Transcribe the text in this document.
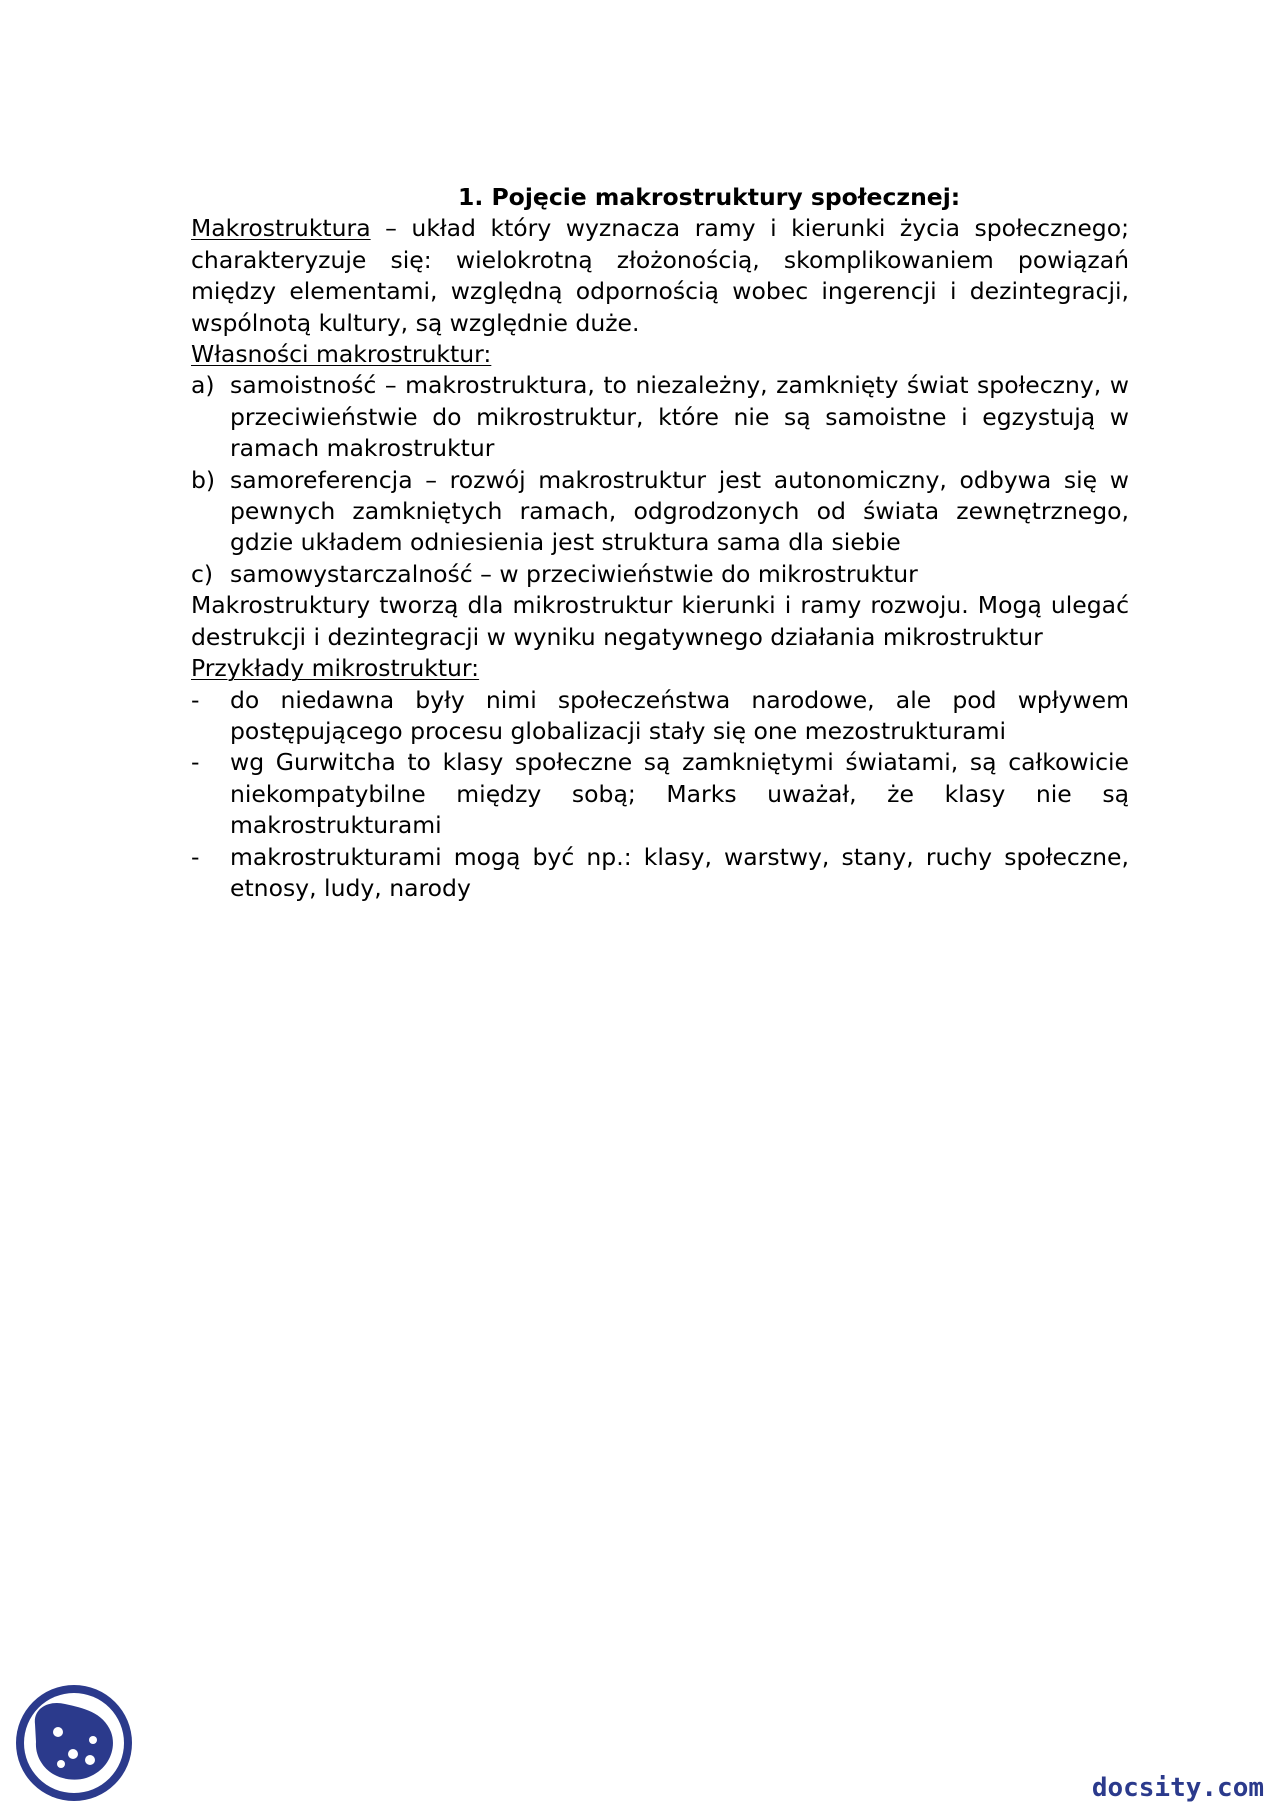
1. Pojęcie makrostruktury społecznej:
Makrostruktura – układ który wyznacza ramy i kierunki życia społecznego; charakteryzuje się: wielokrotną złożonością, skomplikowaniem powiązań między elementami, względną odpornością wobec ingerencji i dezintegracji, wspólnotą kultury, są względnie duże.
Własności makrostruktur:
a) samoistność – makrostruktura, to niezależny, zamknięty świat społeczny, w przeciwieństwie do mikrostruktur, które nie są samoistne i egzystują w ramach makrostruktur
b) samoreferencja – rozwój makrostruktur jest autonomiczny, odbywa się w pewnych zamkniętych ramach, odgrodzonych od świata zewnętrznego, gdzie układem odniesienia jest struktura sama dla siebie
c) samowystarczalność – w przeciwieństwie do mikrostruktur
Makrostruktury tworzą dla mikrostruktur kierunki i ramy rozwoju. Mogą ulegać destrukcji i dezintegracji w wyniku negatywnego działania mikrostruktur
Przykłady mikrostruktur:
-	do niedawna były nimi społeczeństwa narodowe, ale pod wpływem postępującego procesu globalizacji stały się one mezostrukturami
-	wg Gurwitcha to klasy społeczne są zamkniętymi światami, są całkowicie niekompatybilne między sobą; Marks uważał, że klasy nie są makrostrukturami
-	makrostrukturami mogą być np.: klasy, warstwy, stany, ruchy społeczne, etnosy, ludy, narody
docsity.com
